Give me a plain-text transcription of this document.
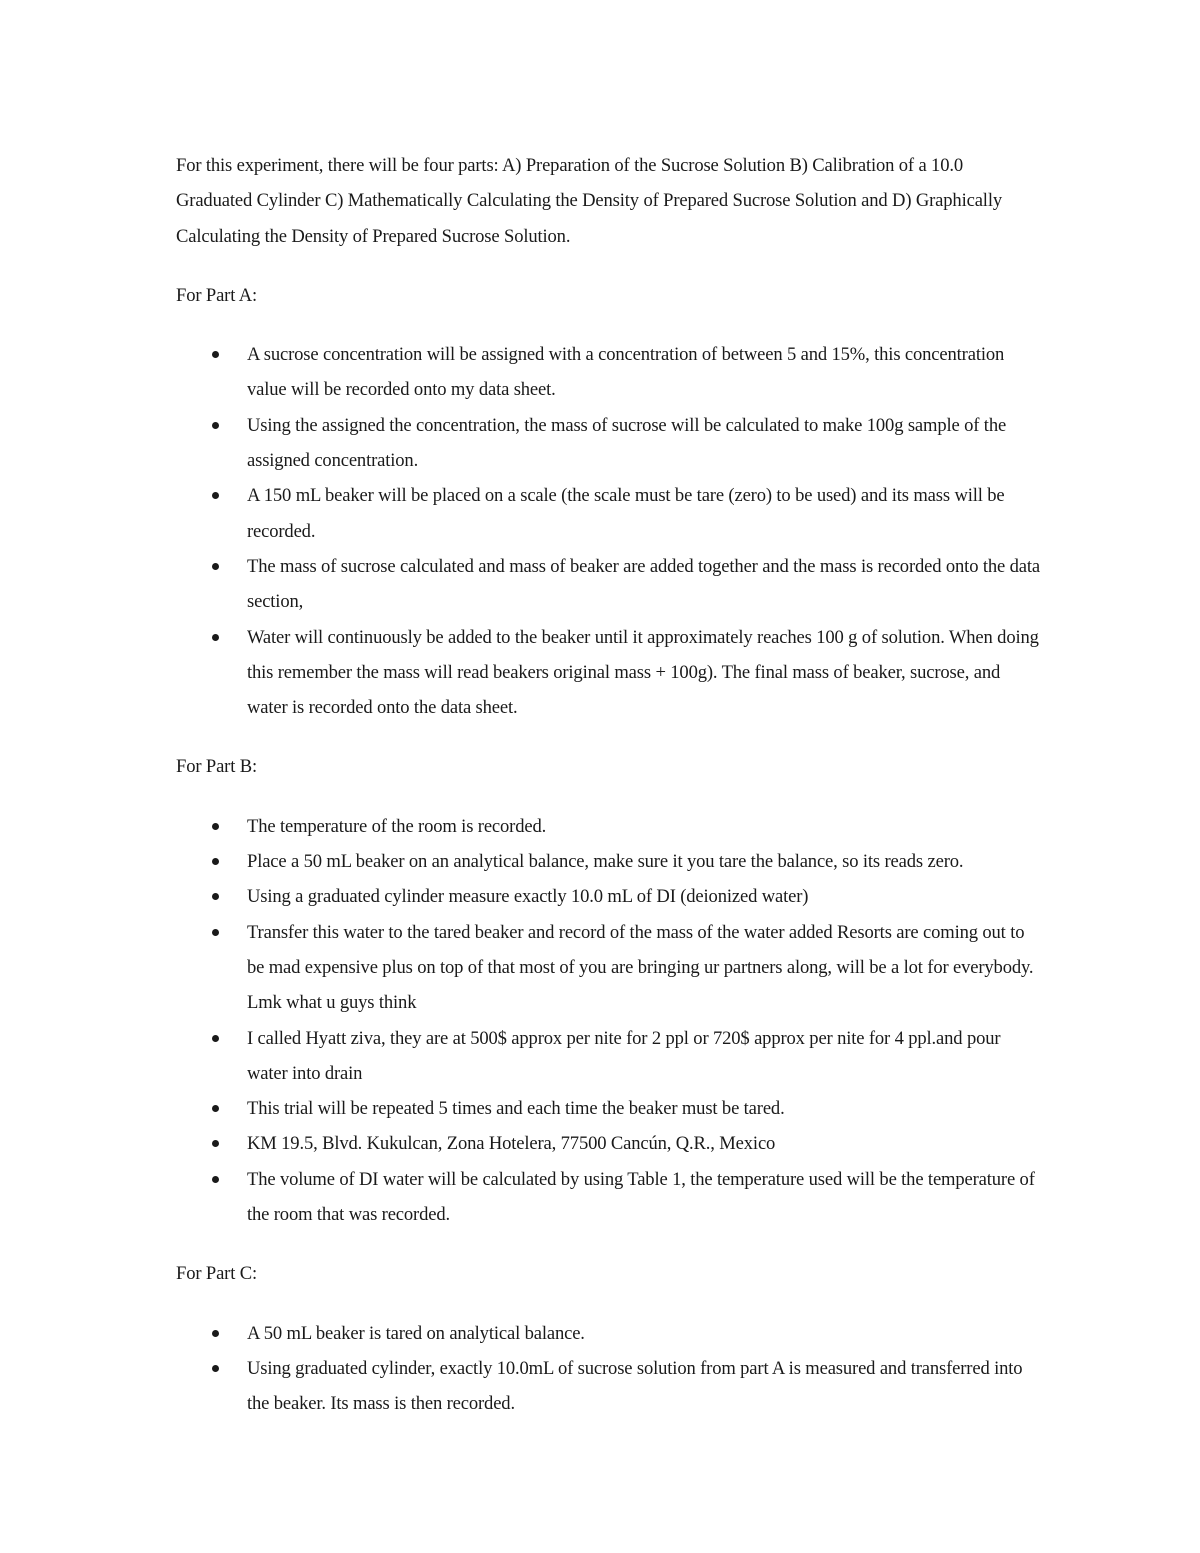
For this experiment, there will be four parts: A) Preparation of the Sucrose Solution B) Calibration of a 10.0 Graduated Cylinder C) Mathematically Calculating the Density of Prepared Sucrose Solution and D) Graphically Calculating the Density of Prepared Sucrose Solution.

For Part A:

A sucrose concentration will be assigned with a concentration of between 5 and 15%, this concentration value will be recorded onto my data sheet.
Using the assigned the concentration, the mass of sucrose will be calculated to make 100g sample of the assigned concentration.
A 150 mL beaker will be placed on a scale (the scale must be tare (zero) to be used) and its mass will be recorded.
The mass of sucrose calculated and mass of beaker are added together and the mass is recorded onto the data section,
Water will continuously be added to the beaker until it approximately reaches 100 g of solution. When doing this remember the mass will read beakers original mass + 100g). The final mass of beaker, sucrose, and water is recorded onto the data sheet.

For Part B:

The temperature of the room is recorded.
Place a 50 mL beaker on an analytical balance, make sure it you tare the balance, so its reads zero.
Using a graduated cylinder measure exactly 10.0 mL of DI (deionized water)
Transfer this water to the tared beaker and record of the mass of the water added Resorts are coming out to be mad expensive plus on top of that most of you are bringing ur partners along, will be a lot for everybody. Lmk what u guys think
I called Hyatt ziva, they are at 500$ approx per nite for 2 ppl or 720$ approx per nite for 4 ppl.and pour water into drain
This trial will be repeated 5 times and each time the beaker must be tared.
KM 19.5, Blvd. Kukulcan, Zona Hotelera, 77500 Cancún, Q.R., Mexico
The volume of DI water will be calculated by using Table 1, the temperature used will be the temperature of the room that was recorded.

For Part C:

A 50 mL beaker is tared on analytical balance.
Using graduated cylinder, exactly 10.0mL of sucrose solution from part A is measured and transferred into the beaker. Its mass is then recorded.
